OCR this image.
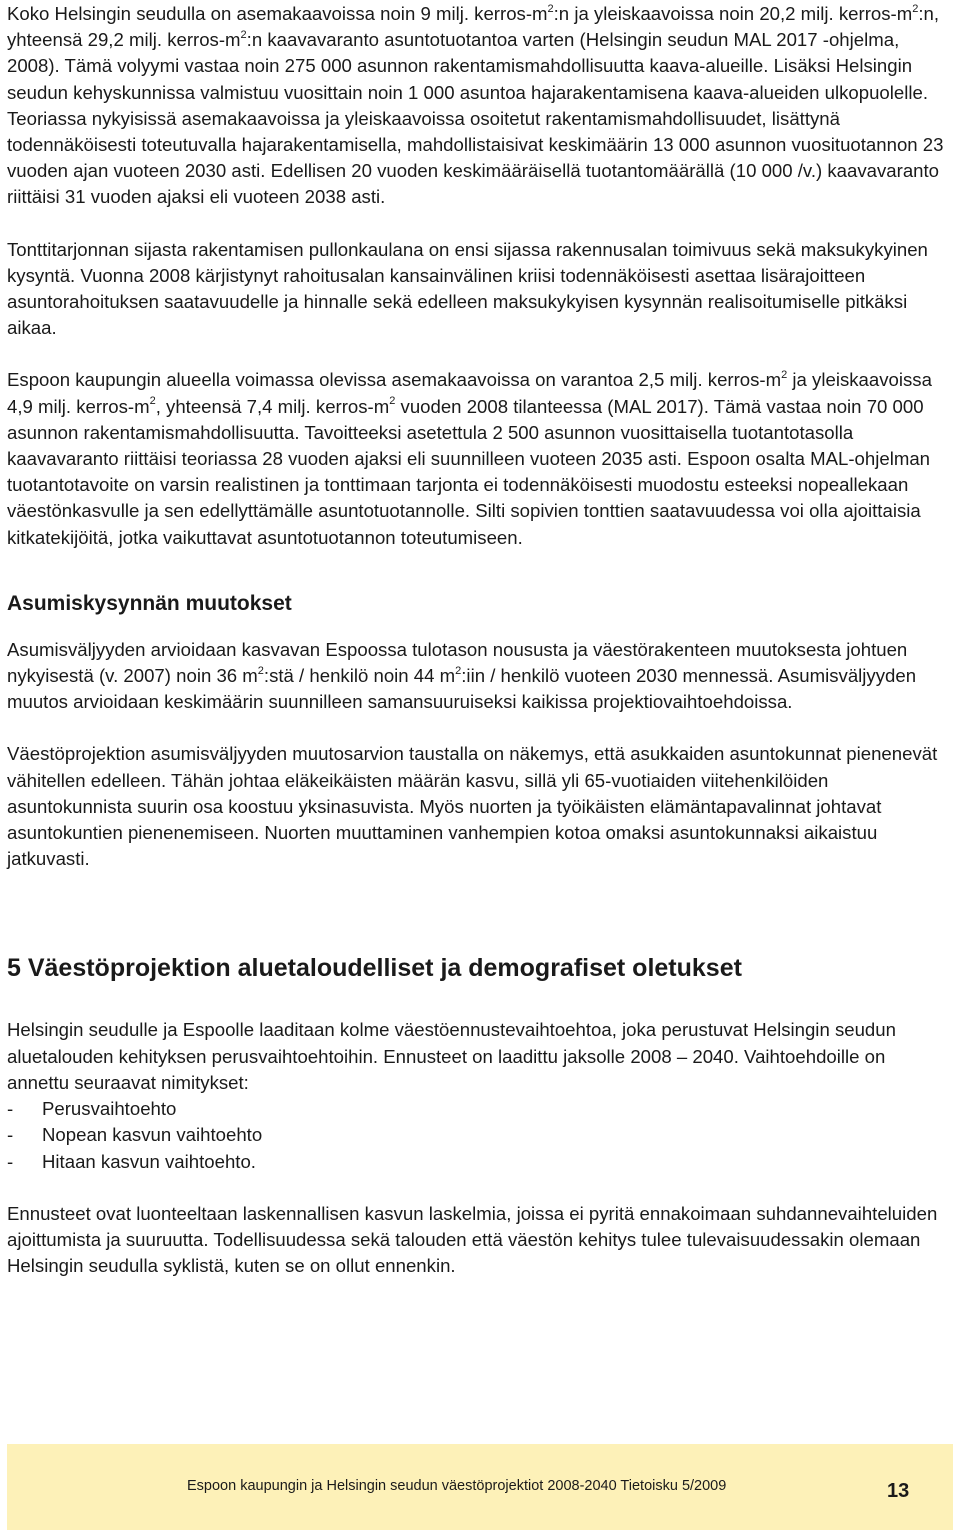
Koko Helsingin seudulla on asemakaavoissa noin 9 milj. kerros-$m^2:n$ ja yleiskaavoissa noin 20,2 milj. kerros-$m^2:n$, yhteensä 29,2 milj. kerros-$m^2:n$ kaavavaranto asuntotuotantoa varten (Helsingin seudun MAL 2017 -ohjelma, 2008). Tämä volyymi vastaa noin 275 000 asunnon rakentamismahdollisuutta kaava-alueille. Lisäksi Helsingin seudun kehyskunnissa valmistuu vuosittain noin 1 000 asuntoa hajarakentamisena kaava-alueiden ulkopuolelle. Teoriassa nykyisissä asemakaavoissa ja yleiskaavoissa osoitetut rakentamismahdollisuudet, lisättynä todennäköisesti toteutuvalla hajarakentamisella, mahdollistaisivat keskimäärin 13 000 asunnon vuosituotannon 23 vuoden ajan vuoteen 2030 asti. Edellisen 20 vuoden keskimääräisellä tuotantomäärällä (10 000 /v.) kaavavaranto riittäisi 31 vuoden ajaksi eli vuoteen 2038 asti.

Tonttitarjonnan sijasta rakentamisen pullonkaulana on ensi sijassa rakennusalan toimivuus sekä maksukykyinen kysyntä. Vuonna 2008 kärjistynyt rahoitusalan kansainvälinen kriisi todennäköisesti asettaa lisärajoitteen asuntorahoituksen saatavuudelle ja hinnalle sekä edelleen maksukykyisen kysynnän realisoitumiselle pitkäksi aikaa.

Espoon kaupungin alueella voimassa olevissa asemakaavoissa on varantoa 2,5 milj. kerros-$m^2$ ja yleiskaavoissa 4,9 milj. kerros-$m^2$, yhteensä 7,4 milj. kerros-$m^2$ vuoden 2008 tilanteessa (MAL 2017). Tämä vastaa noin 70 000 asunnon rakentamismahdollisuutta. Tavoitteeksi asetettula 2 500 asunnon vuosittaisella tuotantotasolla kaavavaranto riittäisi teoriassa 28 vuoden ajaksi eli suunnilleen vuoteen 2035 asti. Espoon osalta MAL-ohjelman tuotantotavoite on varsin realistinen ja tonttimaan tarjonta ei todennäköisesti muodostu esteeksi nopeallekaan väestönkasvulle ja sen edellyttämälle asuntotuotannolle. Silti sopivien tonttien saatavuudessa voi olla ajoittaisia kitkatekijöitä, jotka vaikuttavat asuntotuotannon toteutumiseen.

Asumiskysynnän muutokset

Asumisväljyyden arvioidaan kasvavan Espoossa tulotason noususta ja väestörakenteen muutoksesta johtuen nykyisestä (v. 2007) noin 36 $m^2:stä$ / henkilö noin 44 $m^2:iin$ / henkilö vuoteen 2030 mennessä. Asumisväljyyden muutos arvioidaan keskimäärin suunnilleen samansuuruiseksi kaikissa projektiovaihtoehdoissa.

Väestöprojektion asumisväljyyden muutosarvion taustalla on näkemys, että asukkaiden asuntokunnat pienenevät vähitellen edelleen. Tähän johtaa eläkeikäisten määrän kasvu, sillä yli 65-vuotiaiden viitehenkilöiden asuntokunnista suurin osa koostuu yksinasuvista. Myös nuorten ja työikäisten elämäntapavalinnat johtavat asuntokuntien pienenemiseen. Nuorten muuttaminen vanhempien kotoa omaksi asuntokunnaksi aikaistuu jatkuvasti.

5 Väestöprojektion aluetaloudelliset ja demografiset oletukset

Helsingin seudulle ja Espoolle laaditaan kolme väestöennustevaihtoehtoa, joka perustuvat Helsingin seudun aluetalouden kehityksen perusvaihtoehtoihin. Ennusteet on laadittu jaksolle 2008 – 2040. Vaihtoehdoille on annettu seuraavat nimitykset:

-	Perusvaihtoehto
-	Nopean kasvun vaihtoehto
-	Hitaan kasvun vaihtoehto.

Ennusteet ovat luonteeltaan laskennallisen kasvun laskelmia, joissa ei pyritä ennakoimaan suhdannevaihteluiden ajoittumista ja suuruutta. Todellisuudessa sekä talouden että väestön kehitys tulee tulevaisuudessakin olemaan Helsingin seudulla syklistä, kuten se on ollut ennenkin.

Espoon kaupungin ja Helsingin seudun väestöprojektiot 2008-2040 Tietoisku 5/2009	13
